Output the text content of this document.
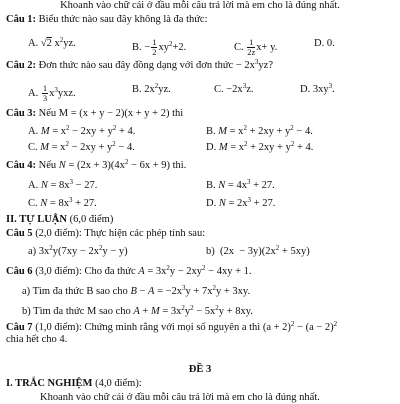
Khoanh vào chữ cái ở đầu mỗi câu trả lời mà em cho là đúng nhất.
Câu 1: Biểu thức nào sau đây không là đa thức:
A. √2 $x^2yz$.	B. − $\frac{1}{2} xy^2+2$.	C. $\frac{1}{2z} x+ y$.	D. 0.
Câu 2: Đơn thức nào sau đây đồng dạng với đơn thức − $2x^3yz$?
A. $\frac{1}{3} x^3yxz$.	B. $2x^2yz$.	C. $-2x^3z$.	D. $3xy^3$.
Câu 3: Nếu M = (x + y − 2)(x + y + 2) thì
A. $M = x^2 - 2xy + y^2 + 4$.	B. $M = x^2 + 2xy + y^2 - 4$.
C. $M = x^2 - 2xy + y^2 - 4$.	D. $M = x^2 + 2xy + y^2 + 4$.
Câu 4: Nếu $N = (2x + 3)(4x^2 - 6x + 9)$ thì.
A. $N = 8x^3 - 27$.	B. $N = 4x^3 + 27$.
C. $N = 8x^3 + 27$.	D. $N = 2x^3 + 27$.
II. TỰ LUẬN (6,0 điểm)
Câu 5 (2,0 điểm): Thực hiện các phép tính sau:
a) $3x^2y(7xy - 2x^2y - y)$	b)  $(2x - 3y)(2x^2 + 5xy)$
Câu 6 (3,0 điểm): Cho đa thức $A = 3x^2y - 2xy^2 - 4xy + 1$.
a) Tìm đa thức B sao cho $B - A = -2x^3y + 7x^2y + 3xy$.
b) Tìm đa thức M sao cho $A + M = 3x^2y^2 - 5x^2y + 8xy$.
Câu 7 (1,0 điểm): Chứng minh rằng với mọi số nguyên a thì $(a + 2)^2 - (a - 2)^2$
chia hết cho 4.
ĐỀ 3
I. TRẮC NGHIỆM (4,0 điểm):
Khoanh vào chữ cái ở đầu mỗi câu trả lời mà em cho là đúng nhất.
